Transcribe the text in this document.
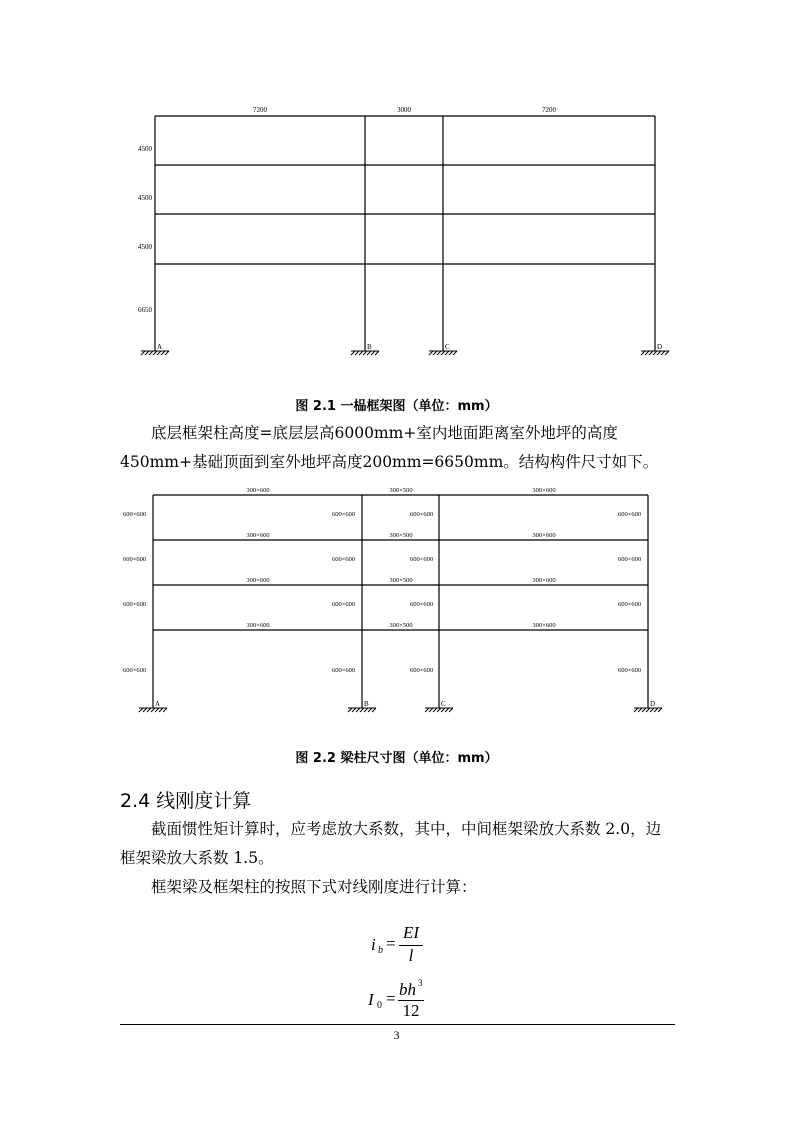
7200	3000	7200
4500
4500
4500
6650
A	B	C	D
图 2.1 一榀框架图（单位：mm）
底层框架柱高度=底层层高6000mm+室内地面距离室外地坪的高度450mm+基础顶面到室外地坪高度200mm=6650mm。结构构件尺寸如下。
300×600	300×500	300×600
300×600	300×500	300×600
300×600	300×500	300×600
300×600	300×500	300×600
600×600	600×600	600×600	600×600
600×600	600×600	600×600	600×600
600×600	600×600	600×600	600×600
600×600	600×600	600×600	600×600
A	B	C	D
图 2.2 梁柱尺寸图（单位：mm）
2.4 线刚度计算
截面惯性矩计算时，应考虑放大系数，其中，中间框架梁放大系数 2.0，边框架梁放大系数 1.5。
框架梁及框架柱的按照下式对线刚度进行计算：
i b =
EI
l
I 0 = bh 3
12
3
